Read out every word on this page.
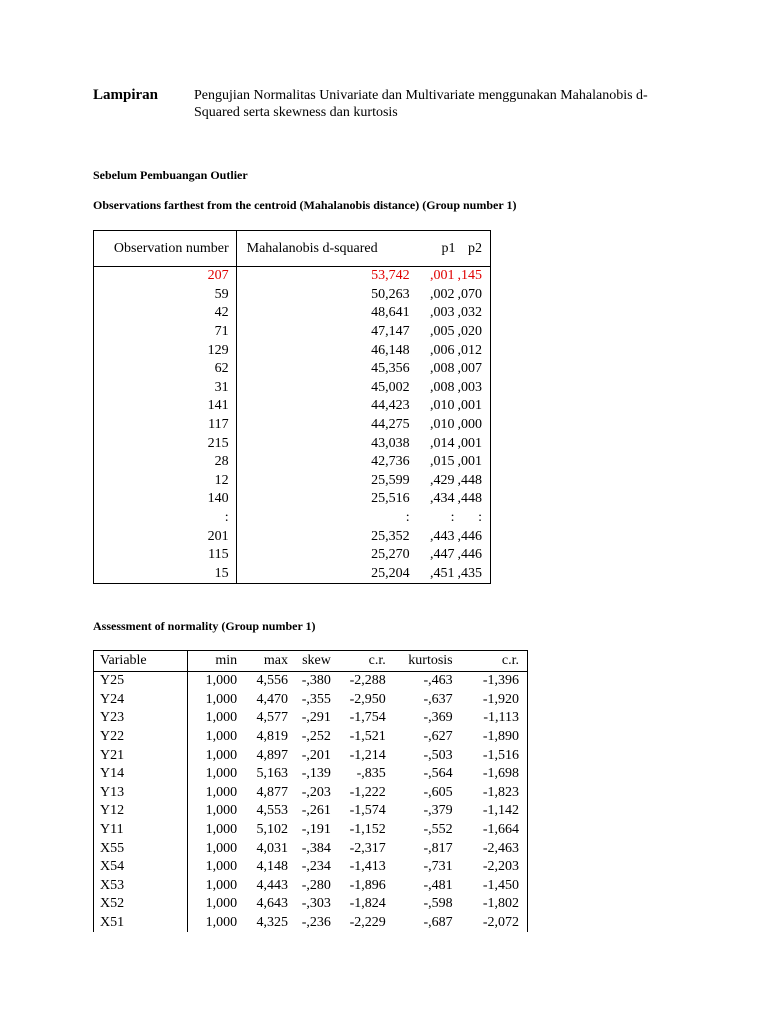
Lampiran	Pengujian Normalitas Univariate dan Multivariate menggunakan Mahalanobis d-Squared serta skewness dan kurtosis
Sebelum Pembuangan Outlier
Observations farthest from the centroid (Mahalanobis distance) (Group number 1)
Observation number	Mahalanobis d-squared	p1	p2
207	53,742	,001	,145
59	50,263	,002	,070
42	48,641	,003	,032
71	47,147	,005	,020
129	46,148	,006	,012
62	45,356	,008	,007
31	45,002	,008	,003
141	44,423	,010	,001
117	44,275	,010	,000
215	43,038	,014	,001
28	42,736	,015	,001
12	25,599	,429	,448
140	25,516	,434	,448
:	:	:	:
201	25,352	,443	,446
115	25,270	,447	,446
15	25,204	,451	,435
Assessment of normality (Group number 1)
Variable	min	max	skew	c.r.	kurtosis	c.r.
Y25	1,000	4,556	-,380	-2,288	-,463	-1,396
Y24	1,000	4,470	-,355	-2,950	-,637	-1,920
Y23	1,000	4,577	-,291	-1,754	-,369	-1,113
Y22	1,000	4,819	-,252	-1,521	-,627	-1,890
Y21	1,000	4,897	-,201	-1,214	-,503	-1,516
Y14	1,000	5,163	-,139	-,835	-,564	-1,698
Y13	1,000	4,877	-,203	-1,222	-,605	-1,823
Y12	1,000	4,553	-,261	-1,574	-,379	-1,142
Y11	1,000	5,102	-,191	-1,152	-,552	-1,664
X55	1,000	4,031	-,384	-2,317	-,817	-2,463
X54	1,000	4,148	-,234	-1,413	-,731	-2,203
X53	1,000	4,443	-,280	-1,896	-,481	-1,450
X52	1,000	4,643	-,303	-1,824	-,598	-1,802
X51	1,000	4,325	-,236	-2,229	-,687	-2,072
